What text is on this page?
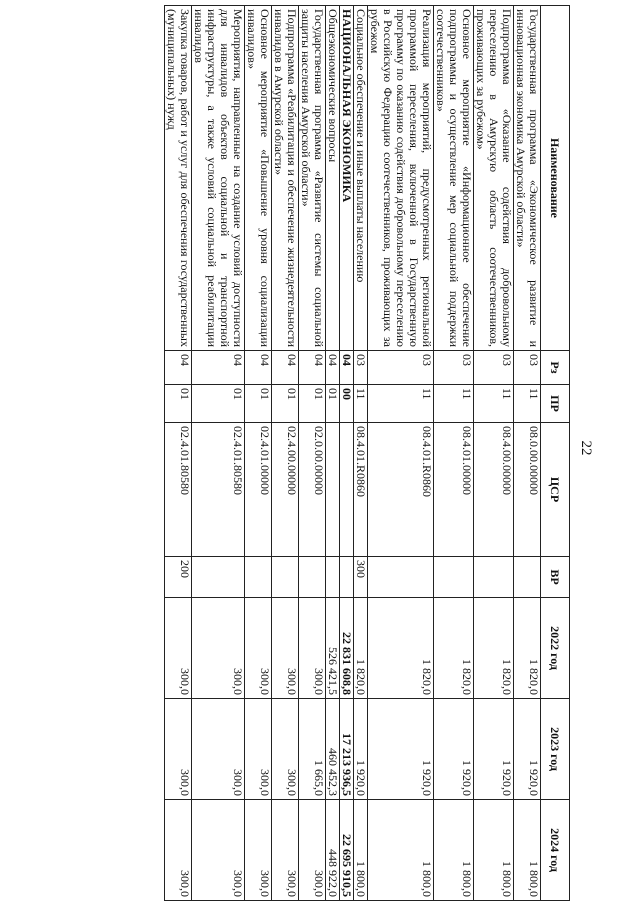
22
Наименование	Рз	ПР	ЦСР	ВР	2022 год	2023 год	2024 год
Государственная программа «Экономическое развитие и инновационная экономика Амурской области»	03	11	08.0.00.00000		1 820,0	1 920,0	1 800,0
Подпрограмма «Оказание содействия добровольному переселению в Амурскую область соотечественников, проживающих за рубежом»	03	11	08.4.00.00000		1 820,0	1 920,0	1 800,0
Основное мероприятие «Информационное обеспечение подпрограммы и осуществление мер социальной поддержки соотечественников»	03	11	08.4.01.00000		1 820,0	1 920,0	1 800,0
Реализация мероприятий, предусмотренных региональной программой переселения, включенной в Государственную программу по оказанию содействия добровольному переселению в Российскую Федерацию соотечественников, проживающих за рубежом	03	11	08.4.01.R0860		1 820,0	1 920,0	1 800,0
Социальное обеспечение и иные выплаты населению	03	11	08.4.01.R0860	300	1 820,0	1 920,0	1 800,0
НАЦИОНАЛЬНАЯ ЭКОНОМИКА	04	00			22 831 608,8	17 213 936,5	22 695 910,5
Общеэкономические вопросы	04	01			526 421,5	460 452,3	448 922,0
Государственная программа «Развитие системы социальной защиты населения Амурской области»	04	01	02.0.00.00000		300,0	1 665,0	300,0
Подпрограмма «Реабилитация и обеспечение жизнедеятельности инвалидов в Амурской области»	04	01	02.4.00.00000		300,0	300,0	300,0
Основное мероприятие «Повышение уровня социализации инвалидов»	04	01	02.4.01.00000		300,0	300,0	300,0
Мероприятия, направленные на создание условий доступности для инвалидов объектов социальной и транспортной инфраструктуры, а также условий социальной реабилитации инвалидов	04	01	02.4.01.80580		300,0	300,0	300,0
Закупка товаров, работ и услуг для обеспечения государственных (муниципальных) нужд	04	01	02.4.01.80580	200	300,0	300,0	300,0
